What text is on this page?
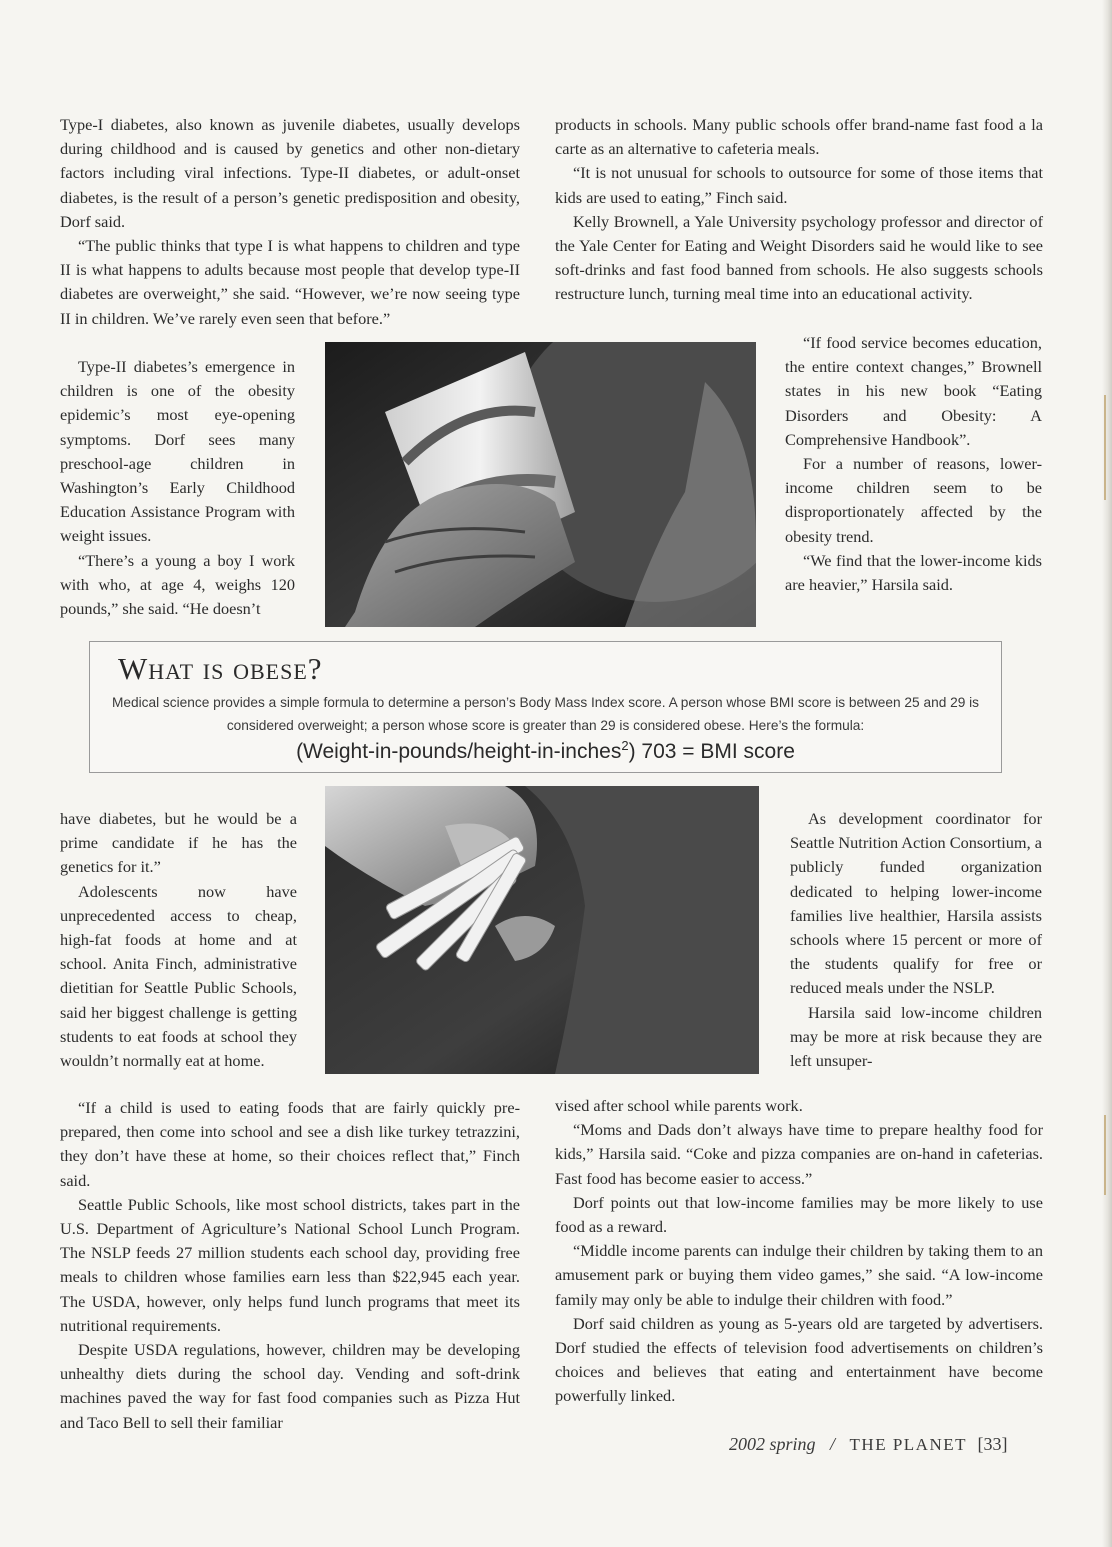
Type-I diabetes, also known as juvenile diabetes, usually develops during childhood and is caused by genetics and other non-dietary factors including viral infections. Type-II diabetes, or adult-onset diabetes, is the result of a person’s genetic predisposition and obesity, Dorf said.

“The public thinks that type I is what happens to children and type II is what happens to adults because most people that develop type-II diabetes are overweight,” she said. “However, we’re now seeing type II in children. We’ve rarely even seen that before.”

Type-II diabetes’s emergence in children is one of the obesity epidemic’s most eye-opening symptoms. Dorf sees many preschool-age children in Washington’s Early Childhood Education Assistance Program with weight issues.

“There’s a young a boy I work with who, at age 4, weighs 120 pounds,” she said. “He doesn’t

products in schools. Many public schools offer brand-name fast food a la carte as an alternative to cafeteria meals.

“It is not unusual for schools to outsource for some of those items that kids are used to eating,” Finch said.

Kelly Brownell, a Yale University psychology professor and director of the Yale Center for Eating and Weight Disorders said he would like to see soft-drinks and fast food banned from schools. He also suggests schools restructure lunch, turning meal time into an educational activity.

“If food service becomes education, the entire context changes,” Brownell states in his new book “Eating Disorders and Obesity: A Comprehensive Handbook”.

For a number of reasons, lower-income children seem to be disproportionately affected by the obesity trend.

“We find that the lower-income kids are heavier,” Harsila said.

What is obese?
Medical science provides a simple formula to determine a person’s Body Mass Index score. A person whose BMI score is between 25 and 29 is considered overweight; a person whose score is greater than 29 is considered obese. Here’s the formula:
(Weight-in-pounds/height-in-inches$^2$) 703 = BMI score

have diabetes, but he would be a prime candidate if he has the genetics for it.”

Adolescents now have unprecedented access to cheap, high-fat foods at home and at school. Anita Finch, administrative dietitian for Seattle Public Schools, said her biggest challenge is getting students to eat foods at school they wouldn’t normally eat at home.

“If a child is used to eating foods that are fairly quickly pre-prepared, then come into school and see a dish like turkey tetrazzini, they don’t have these at home, so their choices reflect that,” Finch said.

Seattle Public Schools, like most school districts, takes part in the U.S. Department of Agriculture’s National School Lunch Program. The NSLP feeds 27 million students each school day, providing free meals to children whose families earn less than $22,945 each year. The USDA, however, only helps fund lunch programs that meet its nutritional requirements.

Despite USDA regulations, however, children may be developing unhealthy diets during the school day. Vending and soft-drink machines paved the way for fast food companies such as Pizza Hut and Taco Bell to sell their familiar

As development coordinator for Seattle Nutrition Action Consortium, a publicly funded organization dedicated to helping lower-income families live healthier, Harsila assists schools where 15 percent or more of the students qualify for free or reduced meals under the NSLP.

Harsila said low-income children may be more at risk because they are left unsuper-

vised after school while parents work.

“Moms and Dads don’t always have time to prepare healthy food for kids,” Harsila said. “Coke and pizza companies are on-hand in cafeterias. Fast food has become easier to access.”

Dorf points out that low-income families may be more likely to use food as a reward.

“Middle income parents can indulge their children by taking them to an amusement park or buying them video games,” she said. “A low-income family may only be able to indulge their children with food.”

Dorf said children as young as 5-years old are targeted by advertisers. Dorf studied the effects of television food advertisements on children’s choices and believes that eating and entertainment have become powerfully linked.

2002 spring / THE PLANET [33]
